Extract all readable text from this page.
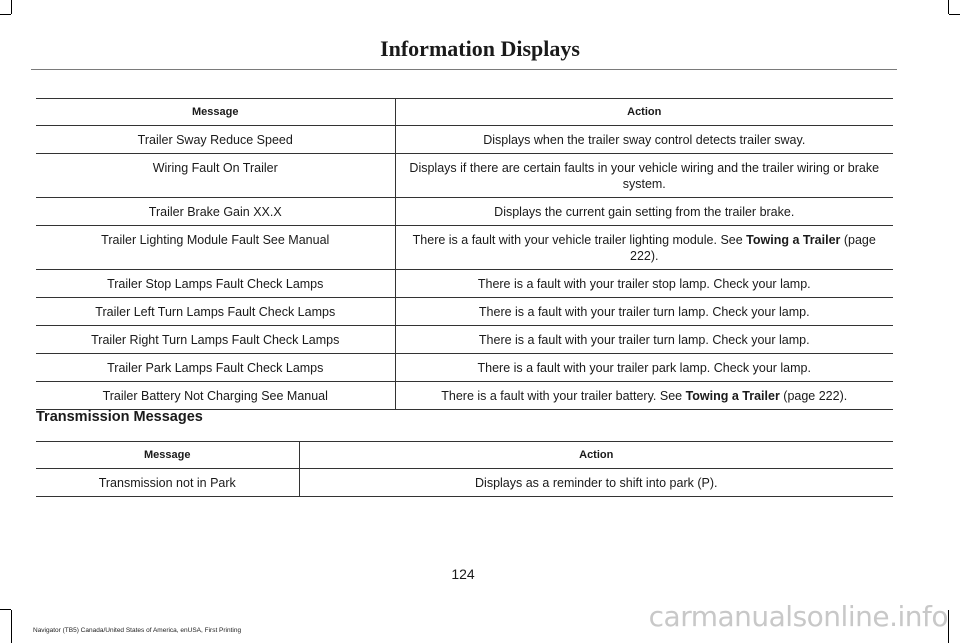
Information Displays
Message	Action
Trailer Sway Reduce Speed	Displays when the trailer sway control detects trailer sway.
Wiring Fault On Trailer	Displays if there are certain faults in your vehicle wiring and the trailer wiring or brake system.
Trailer Brake Gain XX.X	Displays the current gain setting from the trailer brake.
Trailer Lighting Module Fault See Manual	There is a fault with your vehicle trailer lighting module. See Towing a Trailer (page 222).
Trailer Stop Lamps Fault Check Lamps	There is a fault with your trailer stop lamp. Check your lamp.
Trailer Left Turn Lamps Fault Check Lamps	There is a fault with your trailer turn lamp. Check your lamp.
Trailer Right Turn Lamps Fault Check Lamps	There is a fault with your trailer turn lamp. Check your lamp.
Trailer Park Lamps Fault Check Lamps	There is a fault with your trailer park lamp. Check your lamp.
Trailer Battery Not Charging See Manual	There is a fault with your trailer battery. See Towing a Trailer (page 222).
Transmission Messages
Message	Action
Transmission not in Park	Displays as a reminder to shift into park (P).
124
Navigator (TB5) Canada/United States of America, enUSA, First Printing	carmanualsonline.info
